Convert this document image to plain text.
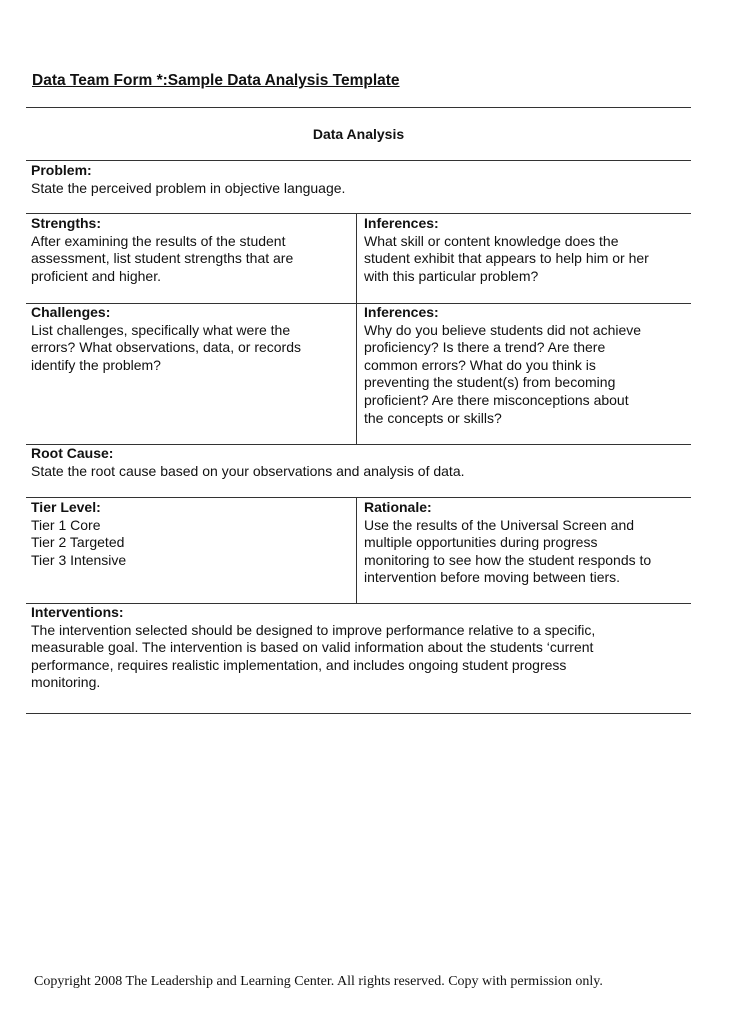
Data Team Form *:Sample Data Analysis Template
Data Analysis
Problem:
State the perceived problem in objective language.
Strengths:
After examining the results of the student
assessment, list student strengths that are
proficient and higher.
Inferences:
What skill or content knowledge does the
student exhibit that appears to help him or her
with this particular problem?
Challenges:
List challenges, specifically what were the
errors? What observations, data, or records
identify the problem?
Inferences:
Why do you believe students did not achieve
proficiency? Is there a trend? Are there
common errors? What do you think is
preventing the student(s) from becoming
proficient? Are there misconceptions about
the concepts or skills?
Root Cause:
State the root cause based on your observations and analysis of data.
Tier Level:
Tier 1 Core
Tier 2 Targeted
Tier 3 Intensive
Rationale:
Use the results of the Universal Screen and
multiple opportunities during progress
monitoring to see how the student responds to
intervention before moving between tiers.
Interventions:
The intervention selected should be designed to improve performance relative to a specific,
measurable goal. The intervention is based on valid information about the students ‘current
performance, requires realistic implementation, and includes ongoing student progress
monitoring.
Copyright 2008 The Leadership and Learning Center. All rights reserved. Copy with permission only.
